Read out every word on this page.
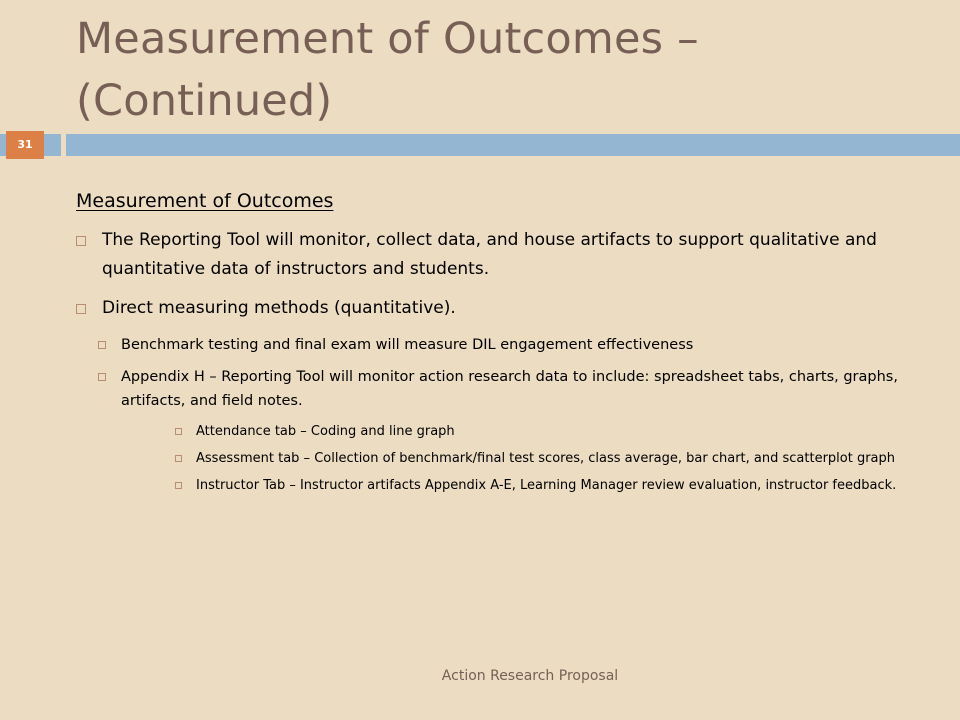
Measurement of Outcomes –
(Continued)
31
Measurement of Outcomes
The Reporting Tool will monitor, collect data, and house artifacts to support qualitative and quantitative data of instructors and students.
Direct measuring methods (quantitative).
Benchmark testing and final exam will measure DIL engagement effectiveness
Appendix H – Reporting Tool will monitor action research data to include: spreadsheet tabs, charts, graphs, artifacts, and field notes.
Attendance tab – Coding and line graph
Assessment tab – Collection of benchmark/final test scores, class average, bar chart, and scatterplot graph
Instructor Tab – Instructor artifacts Appendix A-E, Learning Manager review evaluation, instructor feedback.
Action Research Proposal
